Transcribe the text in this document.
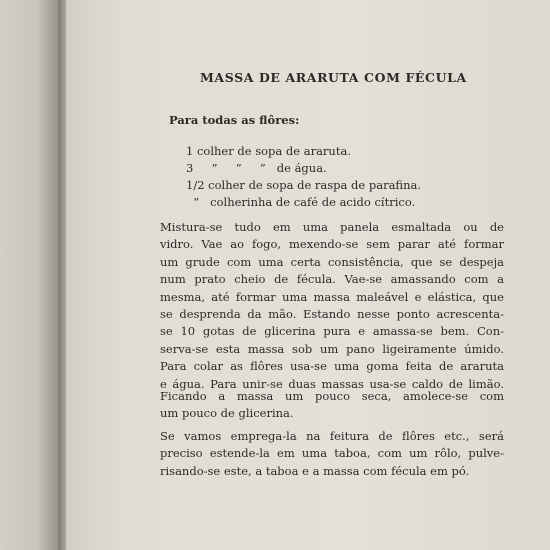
MASSA DE ARARUTA COM FÉCULA
Para todas as flôres:
1 colher de sopa de araruta.
3     ”     ”     ”   de água.
1/2 colher de sopa de raspa de parafina.
”   colherinha de café de acido cítrico.
Mistura-se tudo em uma panela esmaltada ou de
vidro. Vae ao fogo, mexendo-se sem parar até formar
um grude com uma certa consistência, que se despeja
num prato cheio de fécula. Vae-se amassando com a
mesma, até formar uma massa maleável e elástica, que
se desprenda da mão. Estando nesse ponto acrescenta-
se 10 gotas de glicerina pura e amassa-se bem. Con-
serva-se esta massa sob um pano ligeiramente úmido.
Para colar as flôres usa-se uma goma feita de araruta
e água. Para unir-se duas massas usa-se caldo de limão.
Ficando a massa um pouco seca, amolece-se com
um pouco de glicerina.
Se vamos emprega-la na feitura de flôres etc., será
preciso estende-la em uma taboa, com um rôlo, pulve-
risando-se este, a taboa e a massa com fécula em pó.
